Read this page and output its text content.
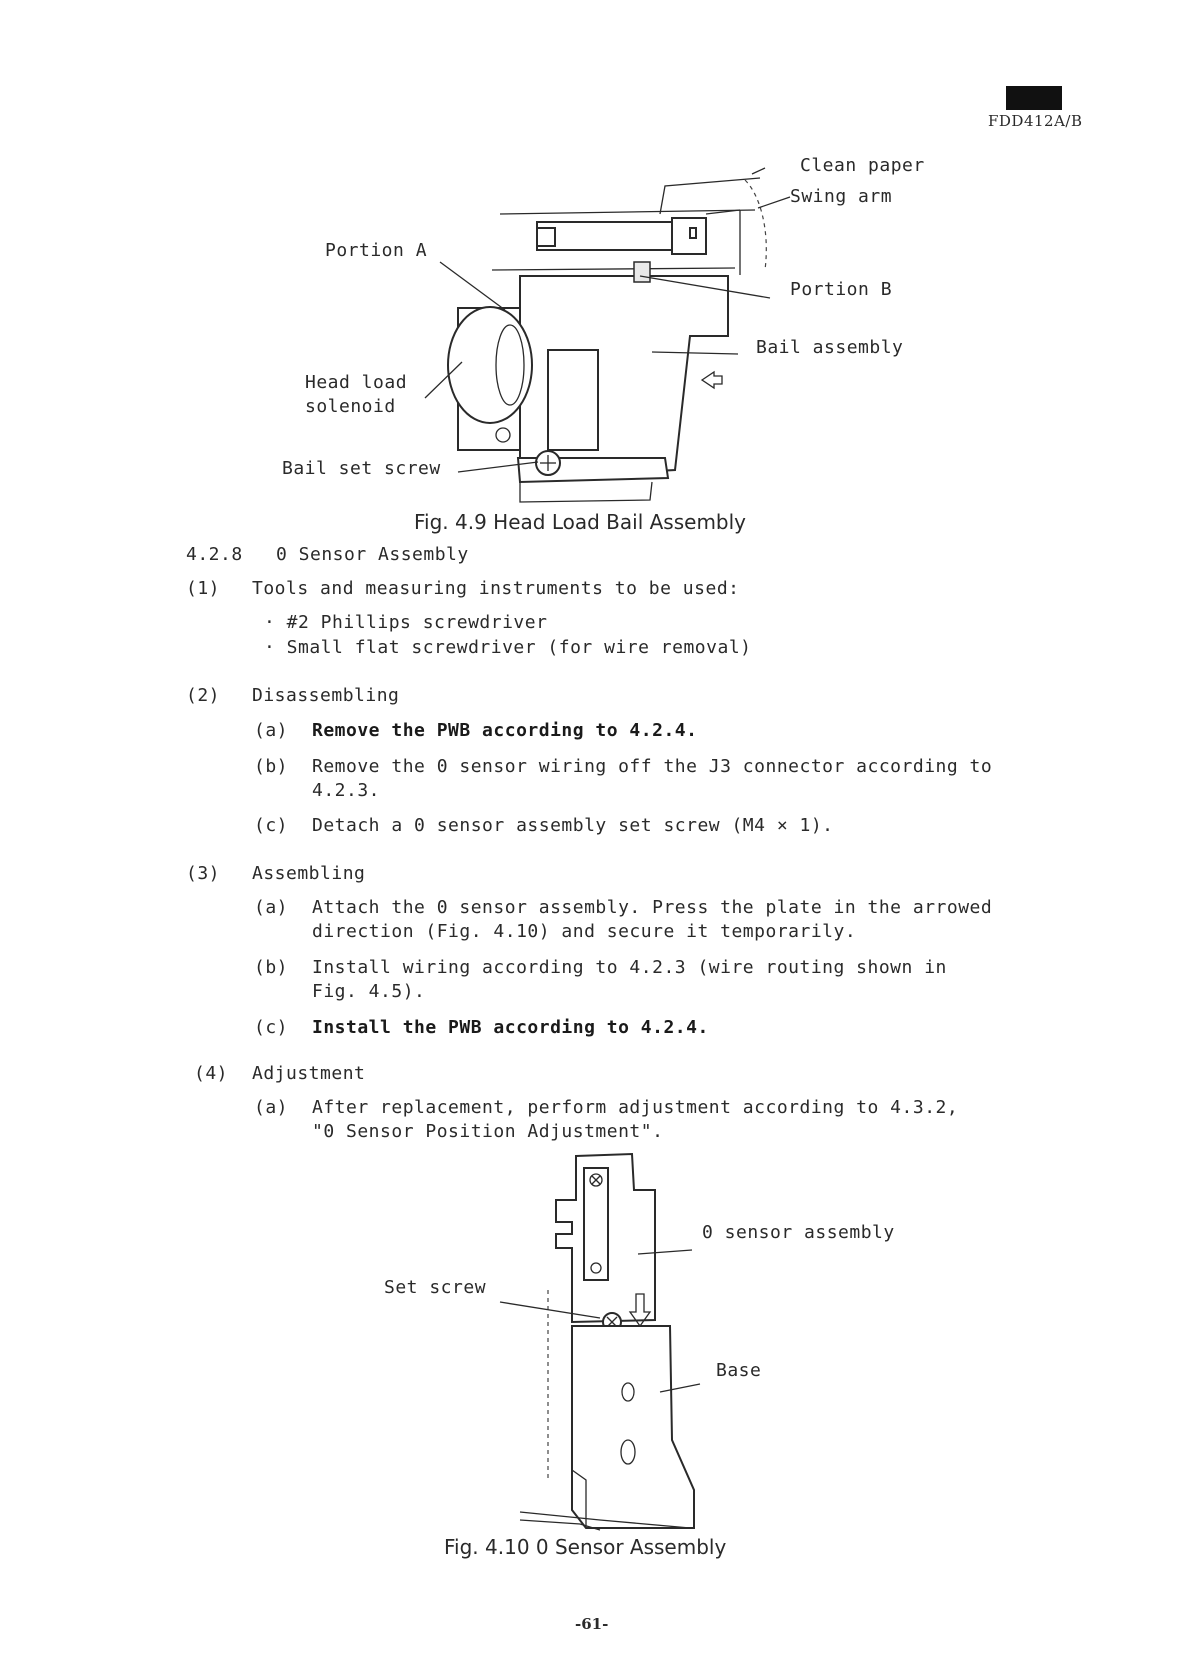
FDD412A/B
Clean paper
Swing arm
Portion A
Portion B
Bail assembly
Head load
solenoid
Bail set screw
Fig. 4.9 Head Load Bail Assembly
4.2.8 0 Sensor Assembly
(1) Tools and measuring instruments to be used:
· #2 Phillips screwdriver
· Small flat screwdriver (for wire removal)
(2) Disassembling
(a) Remove the PWB according to 4.2.4.
(b) Remove the 0 sensor wiring off the J3 connector according to
4.2.3.
(c) Detach a 0 sensor assembly set screw (M4 × 1).
(3) Assembling
(a) Attach the 0 sensor assembly. Press the plate in the arrowed
direction (Fig. 4.10) and secure it temporarily.
(b) Install wiring according to 4.2.3 (wire routing shown in
Fig. 4.5).
(c) Install the PWB according to 4.2.4.
(4) Adjustment
(a) After replacement, perform adjustment according to 4.3.2,
"0 Sensor Position Adjustment".
0 sensor assembly
Set screw
Base
Fig. 4.10 0 Sensor Assembly
-61-
